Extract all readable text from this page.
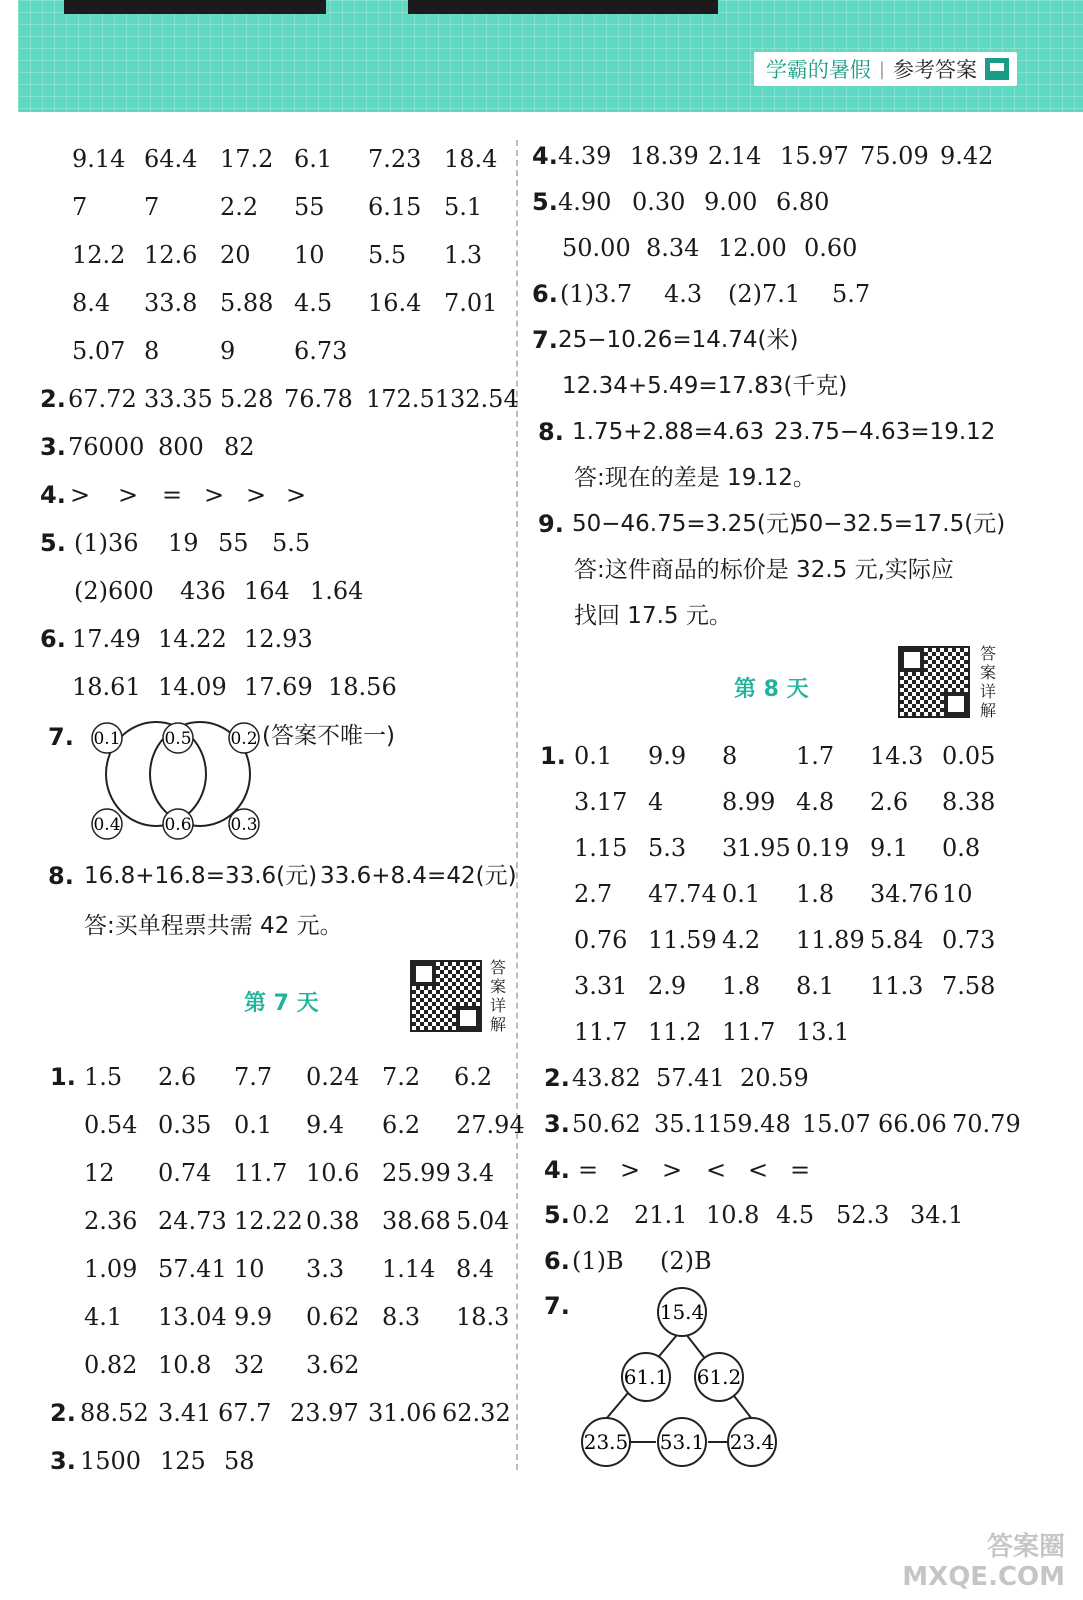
学霸的暑假 | 参考答案
9.14 64.4 17.2 6.1 7.23 18.4
7 7	2.2 55 6.15 5.1
12.2 12.6 20 10 5.5 1.3
8.4 33.8 5.88 4.5 16.4 7.01
5.07 8	9 6.73
2. 67.72 33.35 5.28 76.78 172.51 32.54
3. 76000 800 82
4. > > = > > >
5. (1)36 19 55 5.5
(2)600 436 164 1.64
6. 17.49 14.22 12.93
18.61 14.09 17.69 18.56
7. 0.1	0.5 0.2
0.4	0.6 0.3
(答案不唯一)
8. 16.8+16.8=33.6(元) 33.6+8.4=42(元)
答:买单程票共需 42 元。
第 7 天
答案详解
1. 1.5 2.6 7.7 0.24 7.2 6.2
0.54 0.35 0.1 9.4 6.2 27.94
12 0.74 11.7 10.6 25.99 3.4
2.36 24.73 12.22 0.38 38.68 5.04
1.09 57.41 10 3.3 1.14 8.4
4.1 13.04 9.9 0.62 8.3 18.3
0.82 10.8 32 3.62
2. 88.52 3.41 67.7 23.97 31.06 62.32
3. 1500 125 58
4. 4.39 18.39 2.14 15.97 75.09 9.42
5. 4.90 0.30 9.00 6.80
50.00 8.34 12.00 0.60
6. (1)3.7 4.3 (2)7.1 5.7
7. 25−10.26=14.74(米)
12.34+5.49=17.83(千克)
8. 1.75+2.88=4.63 23.75−4.63=19.12
答:现在的差是 19.12。
9. 50−46.75=3.25(元)
50−32.5=17.5(元)
答:这件商品的标价是 32.5 元,实际应
找回 17.5 元。
第 8 天
答案详解
1. 0.1 9.9 8 1.7 14.3 0.05
3.17 4 8.99 4.8 2.6 8.38
1.15 5.3 31.95 0.19 9.1 0.8
2.7 47.74 0.1 1.8 34.76 10
0.76 11.59 4.2 11.89 5.84 0.73
3.31 2.9 1.8 8.1 11.3 7.58
11.7 11.2 11.7 13.1
2. 43.82 57.41 20.59
3. 50.62 35.11 59.48 15.07 66.06 70.79
4. = > > < < =
5. 0.2 21.1 10.8 4.5 52.3 34.1
6. (1)B (2)B
7.	15.4
61.1 61.2
23.5 53.1 23.4
答案圈
MXQE.COM
